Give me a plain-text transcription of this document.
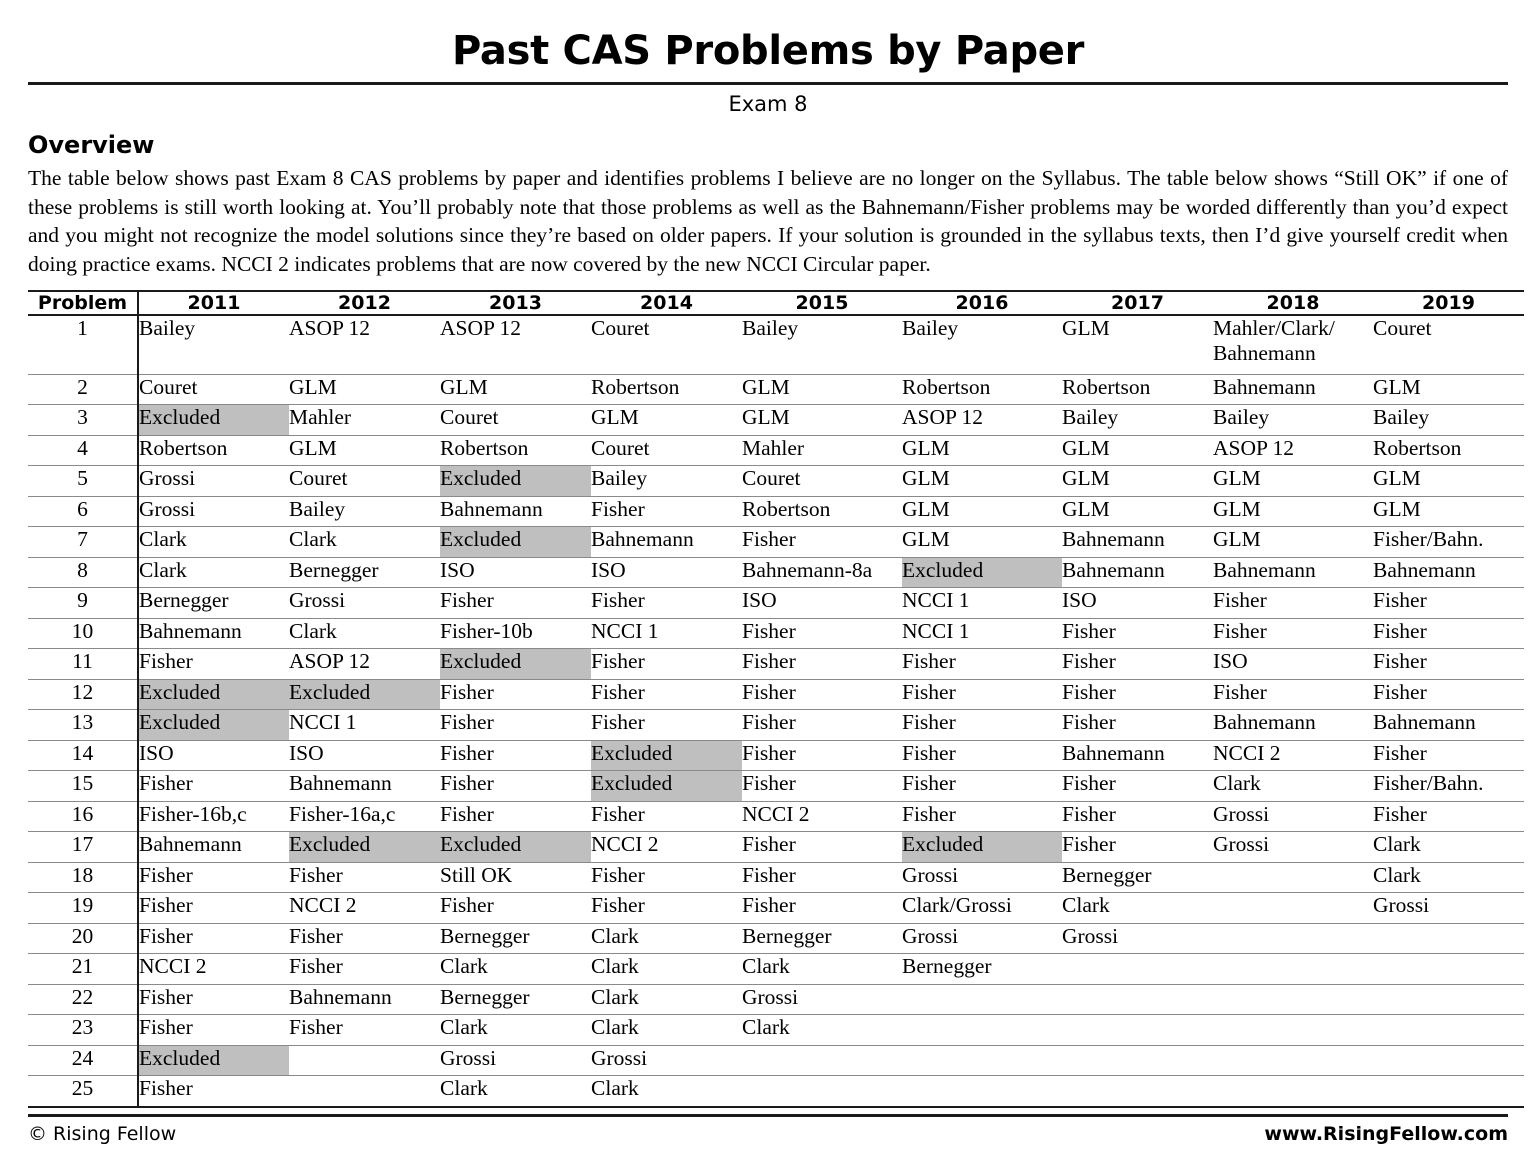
Past CAS Problems by Paper
Exam 8
Overview

The table below shows past Exam 8 CAS problems by paper and identifies problems I believe are no longer on the Syllabus. The table below shows “Still OK” if one of these problems is still worth looking at. You’ll probably note that those problems as well as the Bahnemann/Fisher problems may be worded differently than you’d expect and you might not recognize the model solutions since they’re based on older papers. If your solution is grounded in the syllabus texts, then I’d give yourself credit when doing practice exams. NCCI 2 indicates problems that are now covered by the new NCCI Circular paper.

Problem	2011	2012	2013	2014	2015	2016	2017	2018	2019
1	Bailey	ASOP 12	ASOP 12	Couret	Bailey	Bailey	GLM	Mahler/Clark/ Bahnemann	Couret
2	Couret	GLM	GLM	Robertson	GLM	Robertson	Robertson	Bahnemann	GLM
3	Excluded	Mahler	Couret	GLM	GLM	ASOP 12	Bailey	Bailey	Bailey
4	Robertson	GLM	Robertson	Couret	Mahler	GLM	GLM	ASOP 12	Robertson
5	Grossi	Couret	Excluded	Bailey	Couret	GLM	GLM	GLM	GLM
6	Grossi	Bailey	Bahnemann	Fisher	Robertson	GLM	GLM	GLM	GLM
7	Clark	Clark	Excluded	Bahnemann	Fisher	GLM	Bahnemann	GLM	Fisher/Bahn.
8	Clark	Bernegger	ISO	ISO	Bahnemann-8a	Excluded	Bahnemann	Bahnemann	Bahnemann
9	Bernegger	Grossi	Fisher	Fisher	ISO	NCCI 1	ISO	Fisher	Fisher
10	Bahnemann	Clark	Fisher-10b	NCCI 1	Fisher	NCCI 1	Fisher	Fisher	Fisher
11	Fisher	ASOP 12	Excluded	Fisher	Fisher	Fisher	Fisher	ISO	Fisher
12	Excluded	Excluded	Fisher	Fisher	Fisher	Fisher	Fisher	Fisher	Fisher
13	Excluded	NCCI 1	Fisher	Fisher	Fisher	Fisher	Fisher	Bahnemann	Bahnemann
14	ISO	ISO	Fisher	Excluded	Fisher	Fisher	Bahnemann	NCCI 2	Fisher
15	Fisher	Bahnemann	Fisher	Excluded	Fisher	Fisher	Fisher	Clark	Fisher/Bahn.
16	Fisher-16b,c	Fisher-16a,c	Fisher	Fisher	NCCI 2	Fisher	Fisher	Grossi	Fisher
17	Bahnemann	Excluded	Excluded	NCCI 2	Fisher	Excluded	Fisher	Grossi	Clark
18	Fisher	Fisher	Still OK	Fisher	Fisher	Grossi	Bernegger		Clark
19	Fisher	NCCI 2	Fisher	Fisher	Fisher	Clark/Grossi	Clark		Grossi
20	Fisher	Fisher	Bernegger	Clark	Bernegger	Grossi	Grossi		
21	NCCI 2	Fisher	Clark	Clark	Clark	Bernegger			
22	Fisher	Bahnemann	Bernegger	Clark	Grossi				
23	Fisher	Fisher	Clark	Clark	Clark				
24	Excluded		Grossi	Grossi					
25	Fisher		Clark	Clark					
© Rising Fellow	www.RisingFellow.com
